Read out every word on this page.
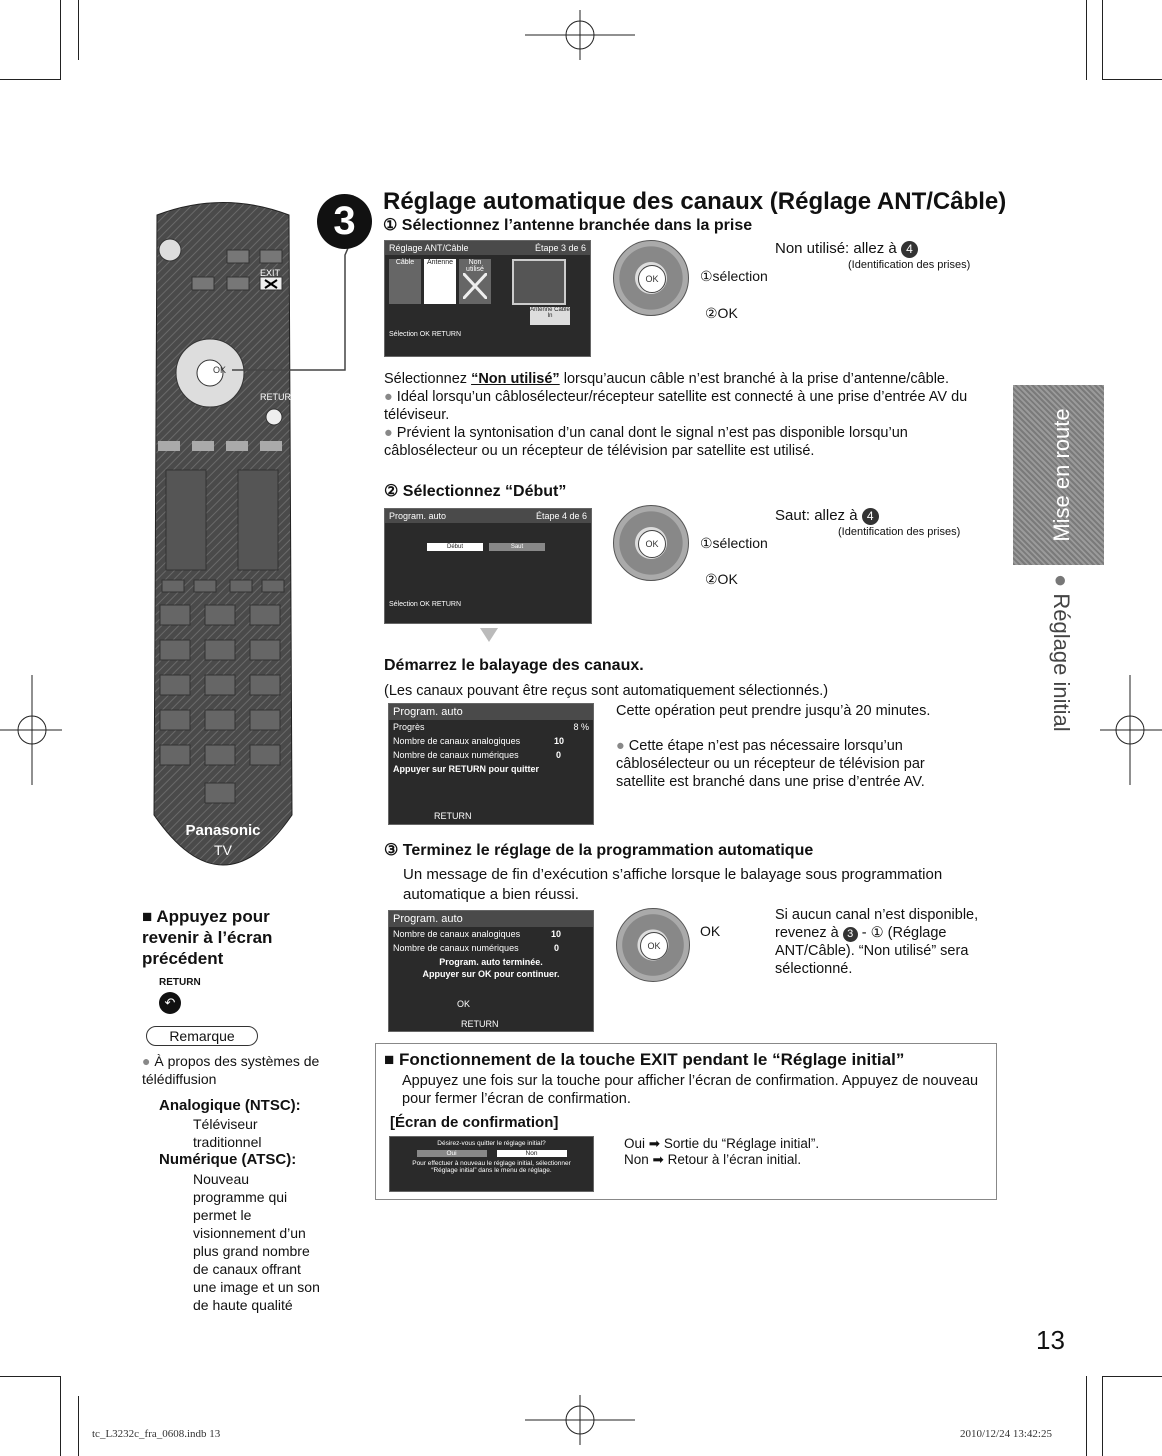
EXIT
RETURN
Panasonic
TV
3	Réglage automatique des canaux (Réglage ANT/Câble)
① Sélectionnez l’antenne branchée dans la prise
Réglage ANT/Câble	Étape 3 de 6
Câble	Antenne	Non utilisé
Antenne Câble In
Sélection OK RETURN
OK	①sélection
②OK
Non utilisé: allez à 4
(Identification des prises)
Sélectionnez “Non utilisé” lorsqu’aucun câble n’est branché à la prise d’antenne/câble.
● Idéal lorsqu’un câblosélecteur/récepteur satellite est connecté à une prise d’entrée AV du téléviseur.
● Prévient la syntonisation d’un canal dont le signal n’est pas disponible lorsqu’un câblosélecteur ou un récepteur de télévision par satellite est utilisé.
② Sélectionnez “Début”
Program. auto	Étape 4 de 6
Début	Saut
Sélection OK RETURN
OK	①sélection
②OK
Saut: allez à 4
(Identification des prises)
Démarrez le balayage des canaux.
(Les canaux pouvant être reçus sont automatiquement sélectionnés.)
Program. auto
Progrès	8 %
Nombre de canaux analogiques	10
Nombre de canaux numériques	0
Appuyer sur RETURN pour quitter
RETURN
Cette opération peut prendre jusqu’à 20 minutes.
● Cette étape n’est pas nécessaire lorsqu’un câblosélecteur ou un récepteur de télévision par satellite est branché dans une prise d’entrée AV.
③ Terminez le réglage de la programmation automatique
Un message de fin d’exécution s’affiche lorsque le balayage sous programmation automatique a bien réussi.
Program. auto
Nombre de canaux analogiques	10
Nombre de canaux numériques	0
Program. auto terminée.
Appuyer sur OK pour continuer.
OK
RETURN
OK
OK
Si aucun canal n’est disponible, revenez à 3 - ① (Réglage ANT/Câble). “Non utilisé” sera sélectionné.
■ Fonctionnement de la touche EXIT pendant le “Réglage initial”
Appuyez une fois sur la touche pour afficher l’écran de confirmation. Appuyez de nouveau pour fermer l’écran de confirmation.
[Écran de confirmation]
Désirez-vous quitter le réglage initial?
Oui	Non
Pour effectuer à nouveau le réglage initial, sélectionner
“Réglage initial” dans le menu de réglage.
Oui ➡ Sortie du “Réglage initial”.
Non ➡ Retour à l’écran initial.
■ Appuyez pour revenir à l’écran précédent
RETURN
↶
Remarque
● À propos des systèmes de télédiffusion
Analogique (NTSC):
Téléviseur traditionnel
Numérique (ATSC):
Nouveau programme qui permet le visionnement d’un plus grand nombre de canaux offrant une image et un son de haute qualité
Mise en route
● Réglage initial
13
tc_L3232c_fra_0608.indb 13	2010/12/24 13:42:25
